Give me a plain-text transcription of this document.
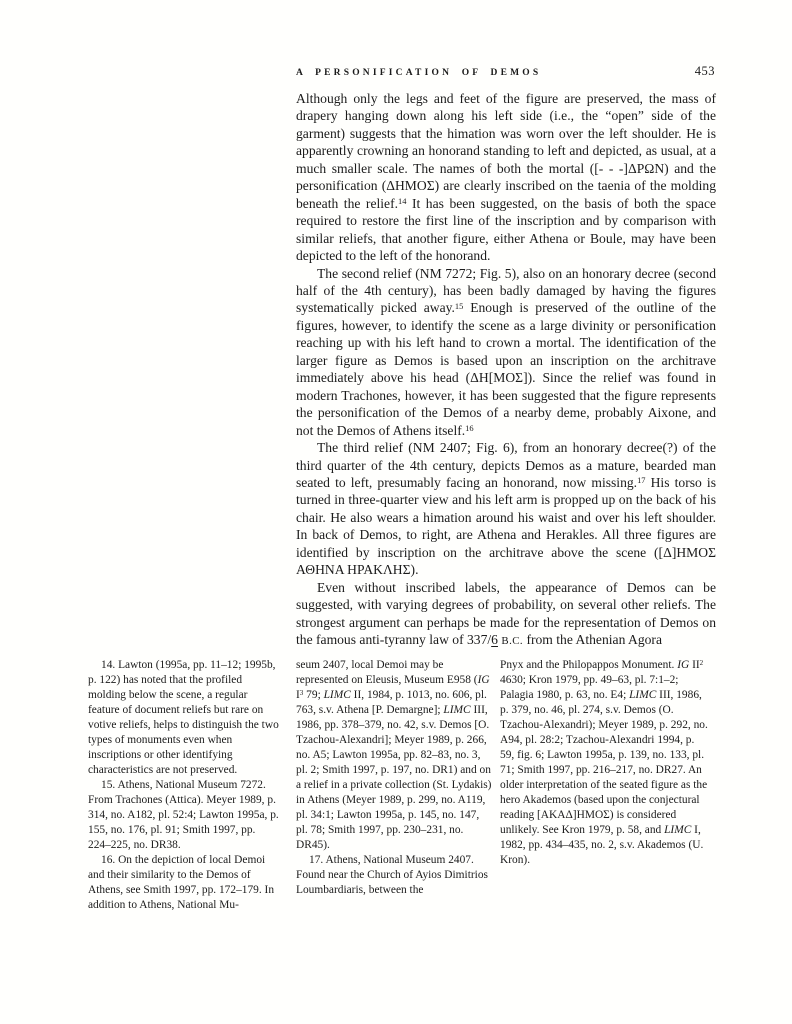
A PERSONIFICATION OF DEMOS	453

Although only the legs and feet of the figure are preserved, the mass of drapery hanging down along his left side (i.e., the “open” side of the garment) suggests that the himation was worn over the left shoulder. He is apparently crowning an honorand standing to left and depicted, as usual, at a much smaller scale. The names of both the mortal ([- - -]ΔΡΩΝ) and the personification (ΔΗΜΟΣ) are clearly inscribed on the taenia of the molding beneath the relief.$^{14}$ It has been suggested, on the basis of both the space required to restore the first line of the inscription and by comparison with similar reliefs, that another figure, either Athena or Boule, may have been depicted to the left of the honorand.

The second relief (NM 7272; Fig. 5), also on an honorary decree (second half of the 4th century), has been badly damaged by having the figures systematically picked away.$^{15}$ Enough is preserved of the outline of the figures, however, to identify the scene as a large divinity or personification reaching up with his left hand to crown a mortal. The identification of the larger figure as Demos is based upon an inscription on the architrave immediately above his head (ΔΗ[ΜΟΣ]). Since the relief was found in modern Trachones, however, it has been suggested that the figure represents the personification of the Demos of a nearby deme, probably Aixone, and not the Demos of Athens itself.$^{16}$

The third relief (NM 2407; Fig. 6), from an honorary decree(?) of the third quarter of the 4th century, depicts Demos as a mature, bearded man seated to left, presumably facing an honorand, now missing.$^{17}$ His torso is turned in three-quarter view and his left arm is propped up on the back of his chair. He also wears a himation around his waist and over his left shoulder. In back of Demos, to right, are Athena and Herakles. All three figures are identified by inscription on the architrave above the scene ([Δ]ΗΜΟΣ ΑΘΗΝΑ ΗΡΑΚΛΗΣ).

Even without inscribed labels, the appearance of Demos can be suggested, with varying degrees of probability, on several other reliefs. The strongest argument can perhaps be made for the representation of Demos on the famous anti-tyranny law of 337/6 B.C. from the Athenian Agora

14. Lawton (1995a, pp. 11–12; 1995b, p. 122) has noted that the profiled molding below the scene, a regular feature of document reliefs but rare on votive reliefs, helps to distinguish the two types of monuments even when inscriptions or other identifying characteristics are not preserved.

15. Athens, National Museum 7272. From Trachones (Attica). Meyer 1989, p. 314, no. A182, pl. 52:4; Lawton 1995a, p. 155, no. 176, pl. 91; Smith 1997, pp. 224–225, no. DR38.

16. On the depiction of local Demoi and their similarity to the Demos of Athens, see Smith 1997, pp. 172–179. In addition to Athens, National Mu-

seum 2407, local Demoi may be represented on Eleusis, Museum E958 (IG $I^3$ 79; LIMC II, 1984, p. 1013, no. 606, pl. 763, s.v. Athena [P. Demargne]; LIMC III, 1986, pp. 378–379, no. 42, s.v. Demos [O. Tzachou-Alexandri]; Meyer 1989, p. 266, no. A5; Lawton 1995a, pp. 82–83, no. 3, pl. 2; Smith 1997, p. 197, no. DR1) and on a relief in a private collection (St. Lydakis) in Athens (Meyer 1989, p. 299, no. A119, pl. 34:1; Lawton 1995a, p. 145, no. 147, pl. 78; Smith 1997, pp. 230–231, no. DR45).

17. Athens, National Museum 2407. Found near the Church of Ayios Dimitrios Loumbardiaris, between the

Pnyx and the Philopappos Monument. IG $II^2$ 4630; Kron 1979, pp. 49–63, pl. 7:1–2; Palagia 1980, p. 63, no. E4; LIMC III, 1986, p. 379, no. 46, pl. 274, s.v. Demos (O. Tzachou-Alexandri); Meyer 1989, p. 292, no. A94, pl. 28:2; Tzachou-Alexandri 1994, p. 59, fig. 6; Lawton 1995a, p. 139, no. 133, pl. 71; Smith 1997, pp. 216–217, no. DR27. An older interpretation of the seated figure as the hero Akademos (based upon the conjectural reading [ΑΚΑΔ]ΗΜΟΣ) is considered unlikely. See Kron 1979, p. 58, and LIMC I, 1982, pp. 434–435, no. 2, s.v. Akademos (U. Kron).
